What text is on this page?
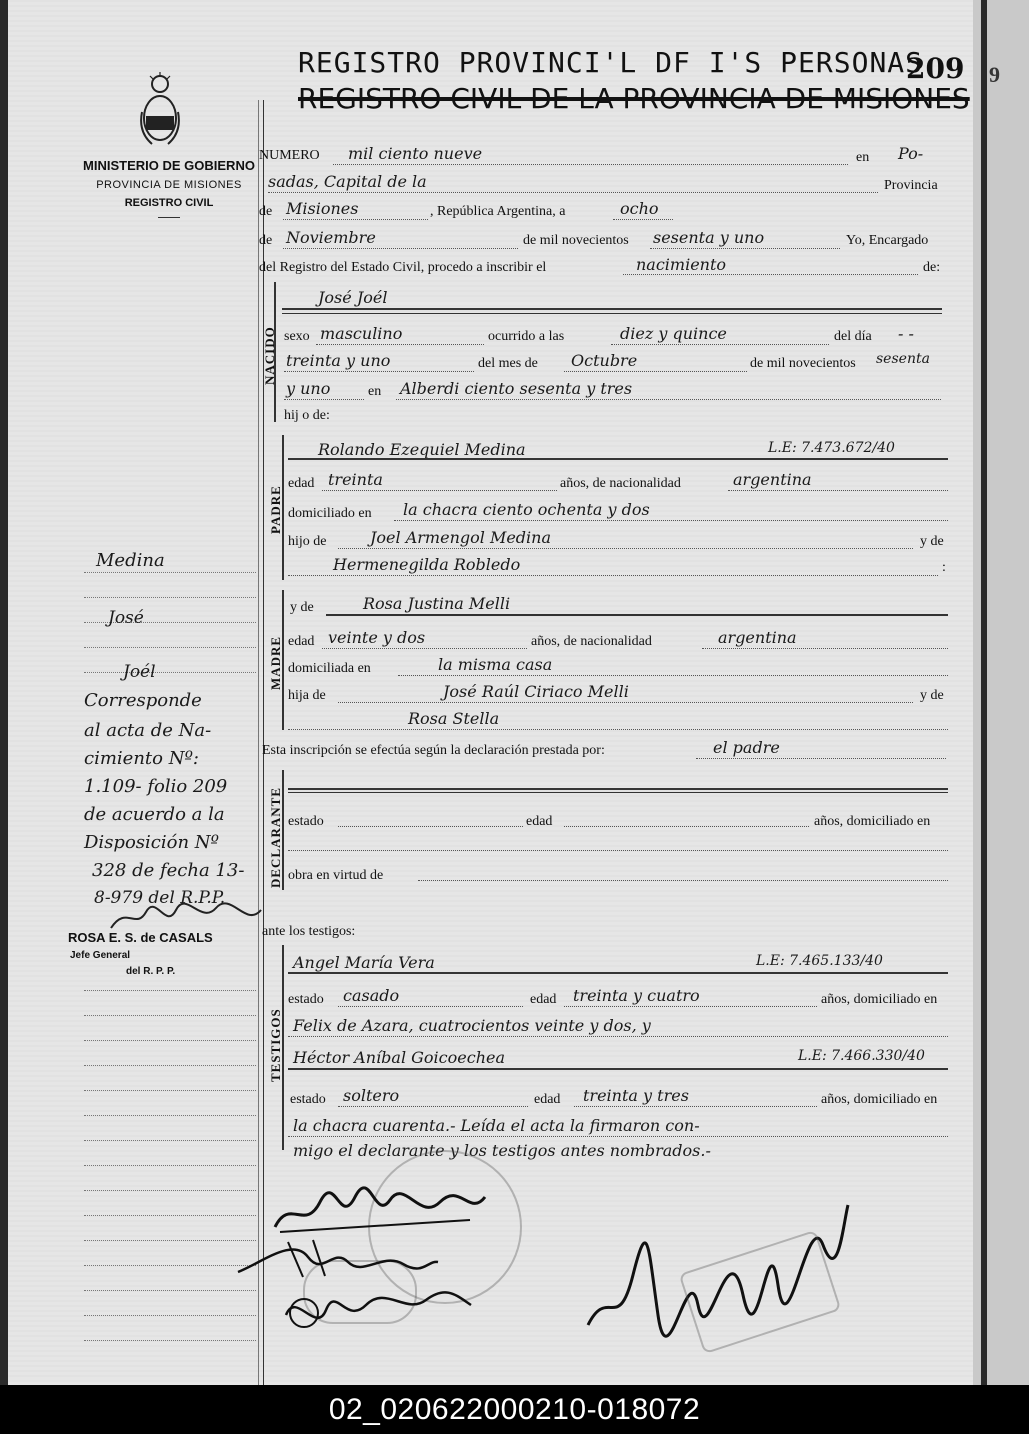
MINISTERIO DE GOBIERNO
PROVINCIA DE MISIONES
REGISTRO CIVIL
REGISTRO PROVINCI'L DF I'S PERSONAS
REGISTRO CIVIL DE LA PROVINCIA DE MISIONES
209
NUMERO mil ciento nueve	en Po-
sadas, Capital de la	Provincia
de Misiones	, República Argentina, a	ocho
de Noviembre	de mil novecientos sesenta y uno	Yo, Encargado
del Registro del Estado Civil, procedo a inscribir el	nacimiento	de:
NACIDO
José Joél
sexo masculino	ocurrido a las	diez y quince	del día - -
treinta y uno	del mes de Octubre	de mil novecientos sesenta
y uno	en Alberdi ciento sesenta y tres
hij o de:
PADRE
Rolando Ezequiel Medina	L.E: 7.473.672/40
edad treinta	años, de nacionalidad	argentina
domiciliado en la chacra ciento ochenta y dos
hijo de	Joel Armengol Medina	y de
Hermenegilda Robledo	:
MADRE
y de	Rosa Justina Melli
edad veinte y dos	años, de nacionalidad	argentina
domiciliada en	la misma casa
hija de	José Raúl Ciriaco Melli	y de
Rosa Stella
Esta inscripción se efectúa según la declaración prestada por:	el padre
DECLARANTE estado	edad	años, domiciliado en
obra en virtud de
ante los testigos:
TESTIGOS
Angel María Vera	L.E: 7.465.133/40
estado casado	edad treinta y cuatro	años, domiciliado en
Felix de Azara, cuatrocientos veinte y dos, y
Héctor Aníbal Goicoechea	L.E: 7.466.330/40
estado soltero	edad treinta y tres	años, domiciliado en
la chacra cuarenta.- Leída el acta la firmaron con-
migo el declarante y los testigos antes nombrados.-
Medina
José
Joél
Corresponde
al acta de Na-
cimiento Nº:
1.109- folio 209
de acuerdo a la
Disposición Nº
328 de fecha 13-
8-979 del R.P.P.
ROSA E. S. de CASALS
Jefe General
del R. P. P.
9
02_020622000210-018072
